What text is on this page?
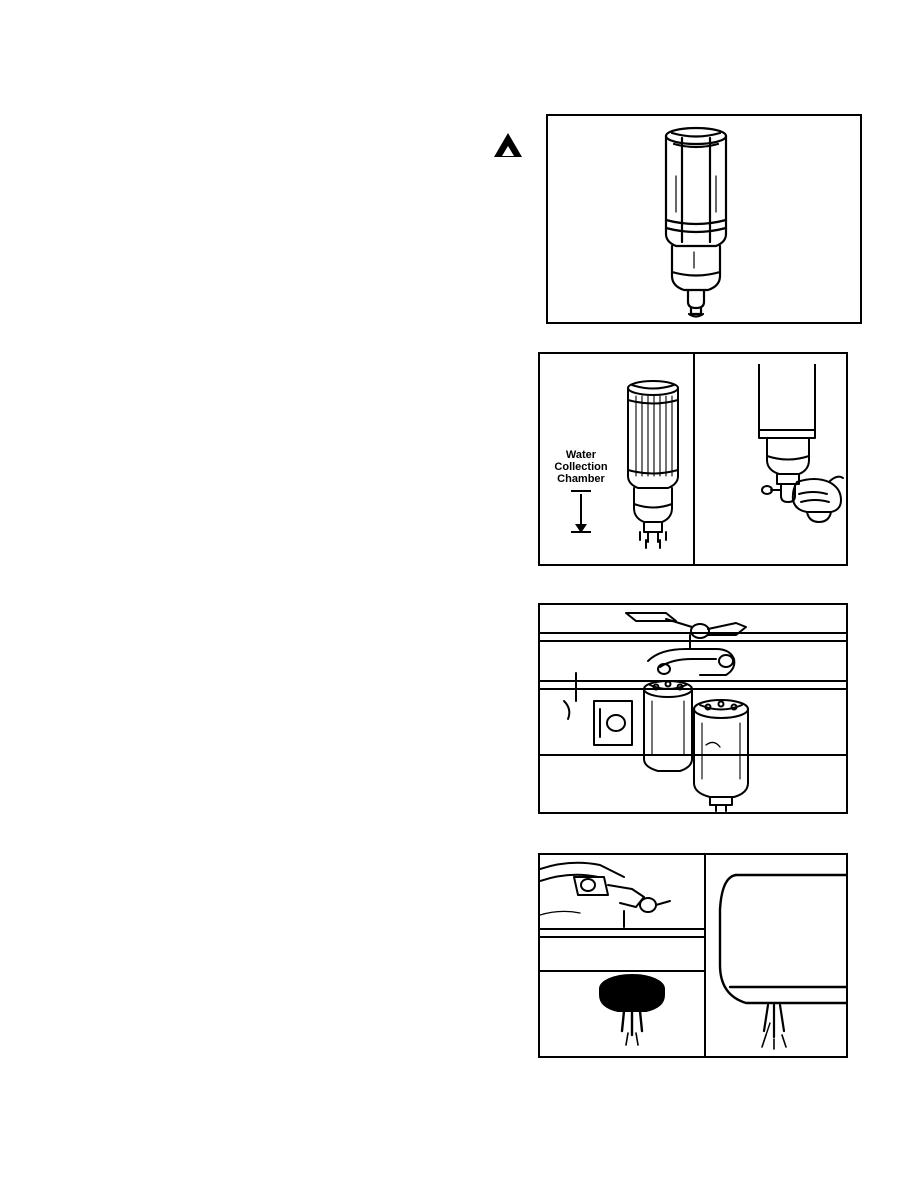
Water
Collection
Chamber
